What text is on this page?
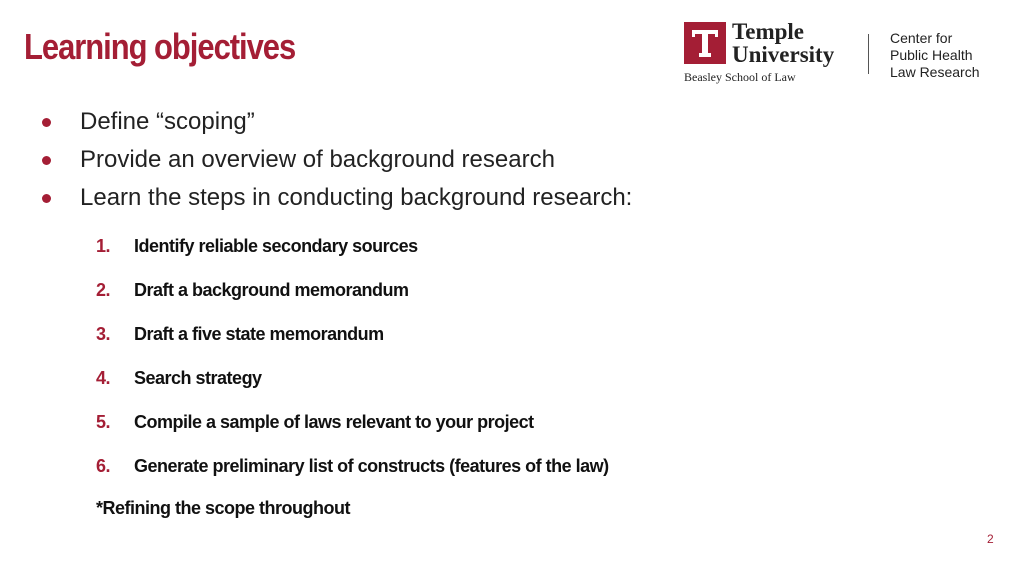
Learning objectives	Temple
University
Beasley School of Law
Center for
Public Health
Law Research
Define “scoping”
Provide an overview of background research
Learn the steps in conducting background research:
1. Identify reliable secondary sources
2. Draft a background memorandum
3. Draft a five state memorandum
4. Search strategy
5. Compile a sample of laws relevant to your project
6. Generate preliminary list of constructs (features of the law)
*Refining the scope throughout
2
